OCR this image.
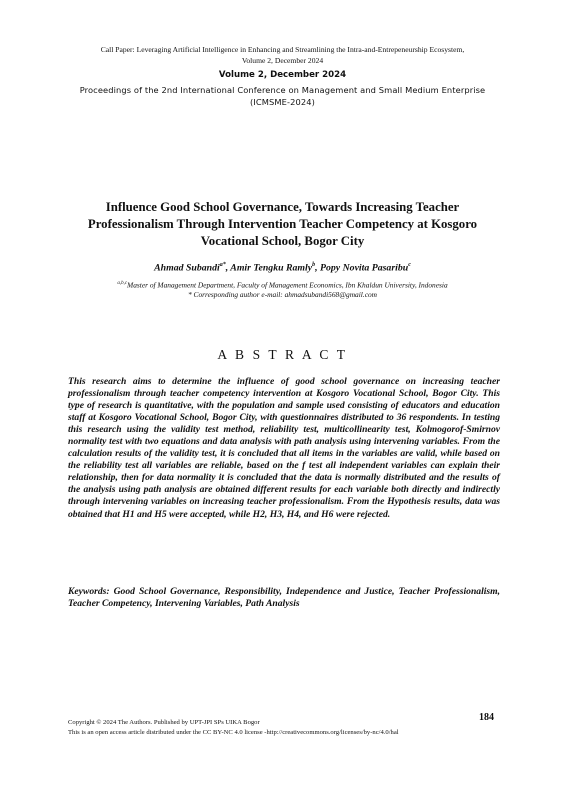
Call Paper: Leveraging Artificial Intelligence in Enhancing and Streamlining the Intra-and-Entrepeneurship Ecosystem,
Volume 2, December 2024
Volume 2, December 2024
Proceedings of the 2nd International Conference on Management and Small Medium Enterprise
(ICMSME-2024)
Influence Good School Governance, Towards Increasing Teacher
Professionalism Through Intervention Teacher Competency at Kosgoro
Vocational School, Bogor City
Ahmad Subandi$^{a*}$, Amir Tengku Ramly$^b$, Popy Novita Pasaribu$^c$
$^{a,b,c}$Master of Management Department, Faculty of Management Economics, Ibn Khaldun University, Indonesia
* Corresponding author e-mail: ahmadsubandi568@gmail.com
A B S T R A C T
This research aims to determine the influence of good school governance on increasing teacher professionalism through teacher competency intervention at Kosgoro Vocational School, Bogor City. This type of research is quantitative, with the population and sample used consisting of educators and education staff at Kosgoro Vocational School, Bogor City, with questionnaires distributed to 36 respondents. In testing this research using the validity test method, reliability test, multicollinearity test, Kolmogorof-Smirnov normality test with two equations and data analysis with path analysis using intervening variables. From the calculation results of the validity test, it is concluded that all items in the variables are valid, while based on the reliability test all variables are reliable, based on the f test all independent variables can explain their relationship, then for data normality it is concluded that the data is normally distributed and the results of the analysis using path analysis are obtained different results for each variable both directly and indirectly through intervening variables on increasing teacher professionalism. From the Hypothesis results, data was obtained that H1 and H5 were accepted, while H2, H3, H4, and H6 were rejected.
Keywords: Good School Governance, Responsibility, Independence and Justice, Teacher Professionalism, Teacher Competency, Intervening Variables, Path Analysis
Copyright © 2024 The Authors. Published by UPT-JPI SPs UIKA Bogor
This is an open access article distributed under the CC BY-NC 4.0 license -http://creativecommons.org/licenses/by-nc/4.0/hal
184
